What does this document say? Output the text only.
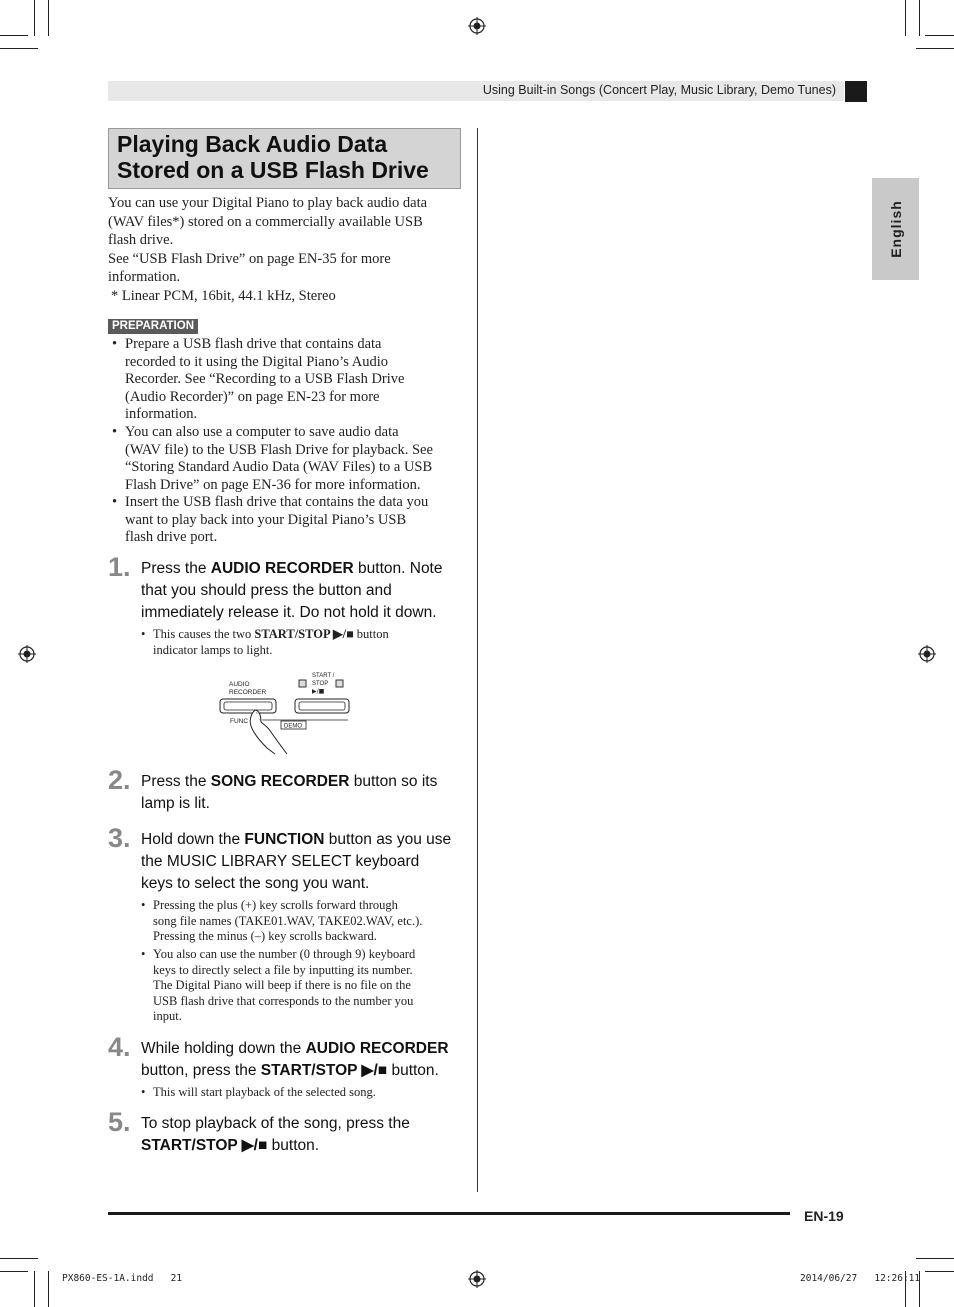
Using Built-in Songs (Concert Play, Music Library, Demo Tunes)
English
Playing Back Audio Data
Stored on a USB Flash Drive
You can use your Digital Piano to play back audio data
(WAV files*) stored on a commercially available USB
flash drive.
See “USB Flash Drive” on page EN-35 for more
information.
* Linear PCM, 16bit, 44.1 kHz, Stereo
PREPARATION
• Prepare a USB flash drive that contains data
recorded to it using the Digital Piano’s Audio
Recorder. See “Recording to a USB Flash Drive
(Audio Recorder)” on page EN-23 for more
information.
• You can also use a computer to save audio data
(WAV file) to the USB Flash Drive for playback. See
“Storing Standard Audio Data (WAV Files) to a USB
Flash Drive” on page EN-36 for more information.
• Insert the USB flash drive that contains the data you
want to play back into your Digital Piano’s USB
flash drive port.
1. Press the AUDIO RECORDER button. Note
that you should press the button and
immediately release it. Do not hold it down.
• This causes the two START/STOP ▶/■ button
indicator lamps to light.
AUDIO
RECORDER
FUNC
START /
STOP
▶/■
DEMO
2. Press the SONG RECORDER button so its
lamp is lit.
3. Hold down the FUNCTION button as you use
the MUSIC LIBRARY SELECT keyboard
keys to select the song you want.
• Pressing the plus (+) key scrolls forward through
song file names (TAKE01.WAV, TAKE02.WAV, etc.).
Pressing the minus (–) key scrolls backward.
• You also can use the number (0 through 9) keyboard
keys to directly select a file by inputting its number.
The Digital Piano will beep if there is no file on the
USB flash drive that corresponds to the number you
input.
4. While holding down the AUDIO RECORDER
button, press the START/STOP ▶/■ button.
• This will start playback of the selected song.
5. To stop playback of the song, press the
START/STOP ▶/■ button.
EN-19
PX860-ES-1A.indd   21	2014/06/27   12:26:11
